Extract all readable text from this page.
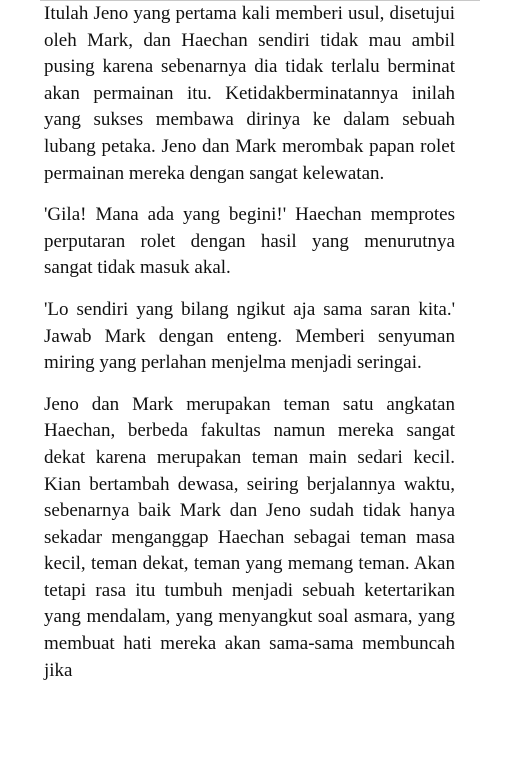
Itulah Jeno yang pertama kali memberi usul, disetujui oleh Mark, dan Haechan sendiri tidak mau ambil pusing karena sebenarnya dia tidak terlalu berminat akan permainan itu. Ketidakberminatannya inilah yang sukses membawa dirinya ke dalam sebuah lubang petaka. Jeno dan Mark merombak papan rolet permainan mereka dengan sangat kelewatan.

'Gila! Mana ada yang begini!' Haechan memprotes perputaran rolet dengan hasil yang menurutnya sangat tidak masuk akal.

'Lo sendiri yang bilang ngikut aja sama saran kita.' Jawab Mark dengan enteng. Memberi senyuman miring yang perlahan menjelma menjadi seringai.

Jeno dan Mark merupakan teman satu angkatan Haechan, berbeda fakultas namun mereka sangat dekat karena merupakan teman main sedari kecil. Kian bertambah dewasa, seiring berjalannya waktu, sebenarnya baik Mark dan Jeno sudah tidak hanya sekadar menganggap Haechan sebagai teman masa kecil, teman dekat, teman yang memang teman. Akan tetapi rasa itu tumbuh menjadi sebuah ketertarikan yang mendalam, yang menyangkut soal asmara, yang membuat hati mereka akan sama-sama membuncah jika
